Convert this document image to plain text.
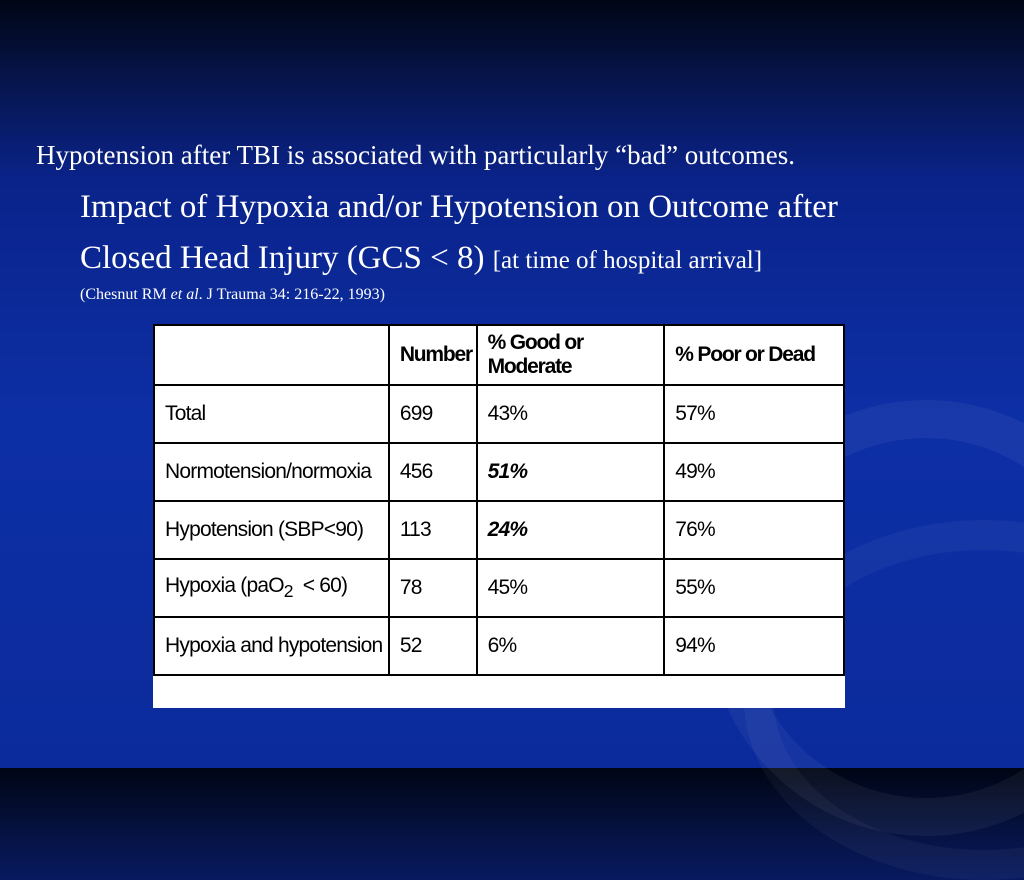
Hypotension after TBI is associated with particularly “bad” outcomes.
Impact of Hypoxia and/or Hypotension on Outcome after
Closed Head Injury (GCS < 8) [at time of hospital arrival]
(Chesnut RM et al. J Trauma 34: 216-22, 1993)
	Number	% Good or Moderate	% Poor or Dead
Total	699	43%	57%
Normotension/normoxia	456	51%	49%
Hypotension (SBP<90)	113	24%	76%
Hypoxia (paO$_2$  < 60)	78	45%	55%
Hypoxia and hypotension	52	6%	94%
